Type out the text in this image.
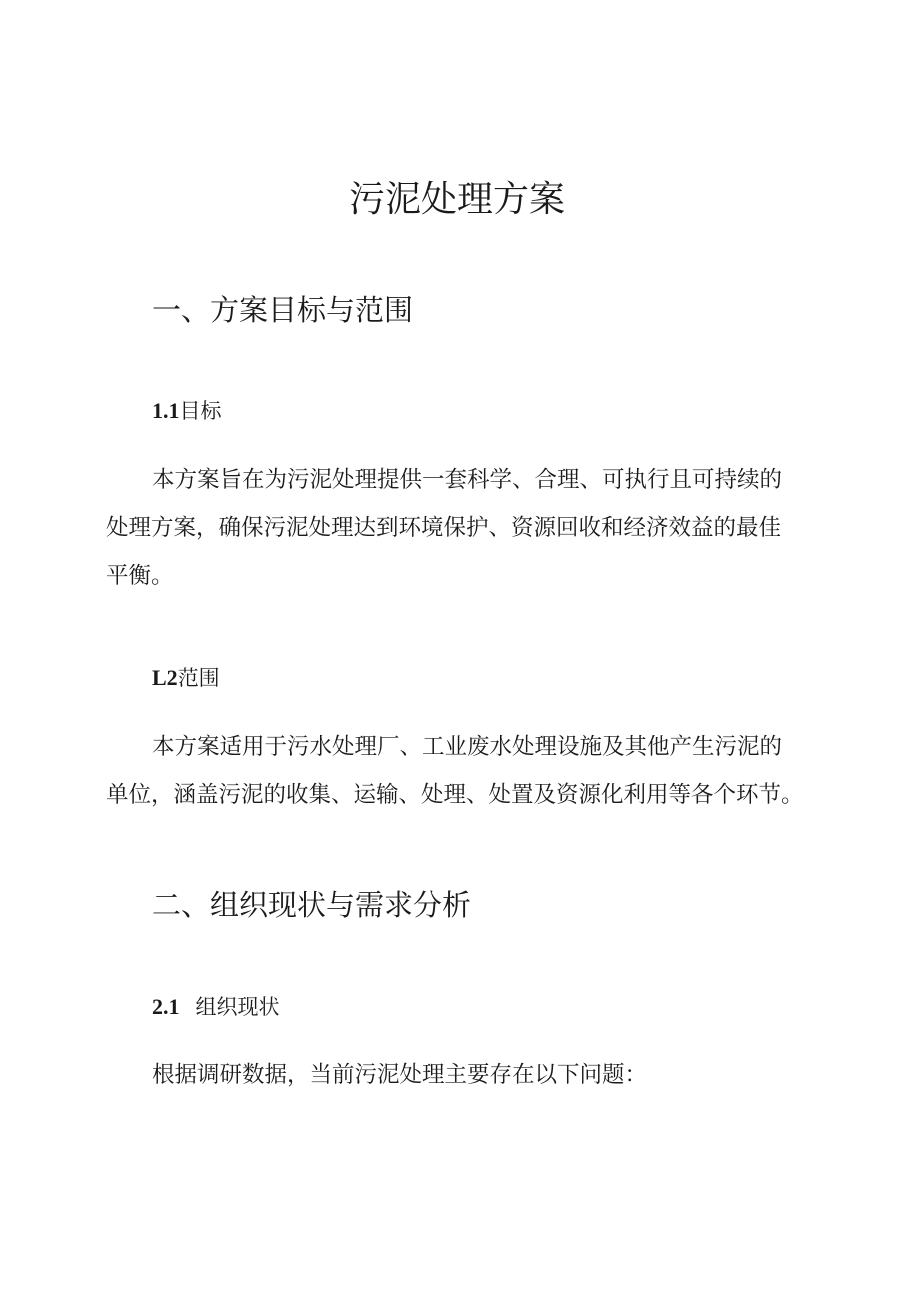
污泥处理方案
一、方案目标与范围
1.1目标

本方案旨在为污泥处理提供一套科学、合理、可执行且可持续的
处理方案，确保污泥处理达到环境保护、资源回收和经济效益的最佳
平衡。

L2范围

本方案适用于污水处理厂、工业废水处理设施及其他产生污泥的
单位，涵盖污泥的收集、运输、处理、处置及资源化利用等各个环节。

二、组织现状与需求分析
2.1 组织现状

根据调研数据，当前污泥处理主要存在以下问题：
